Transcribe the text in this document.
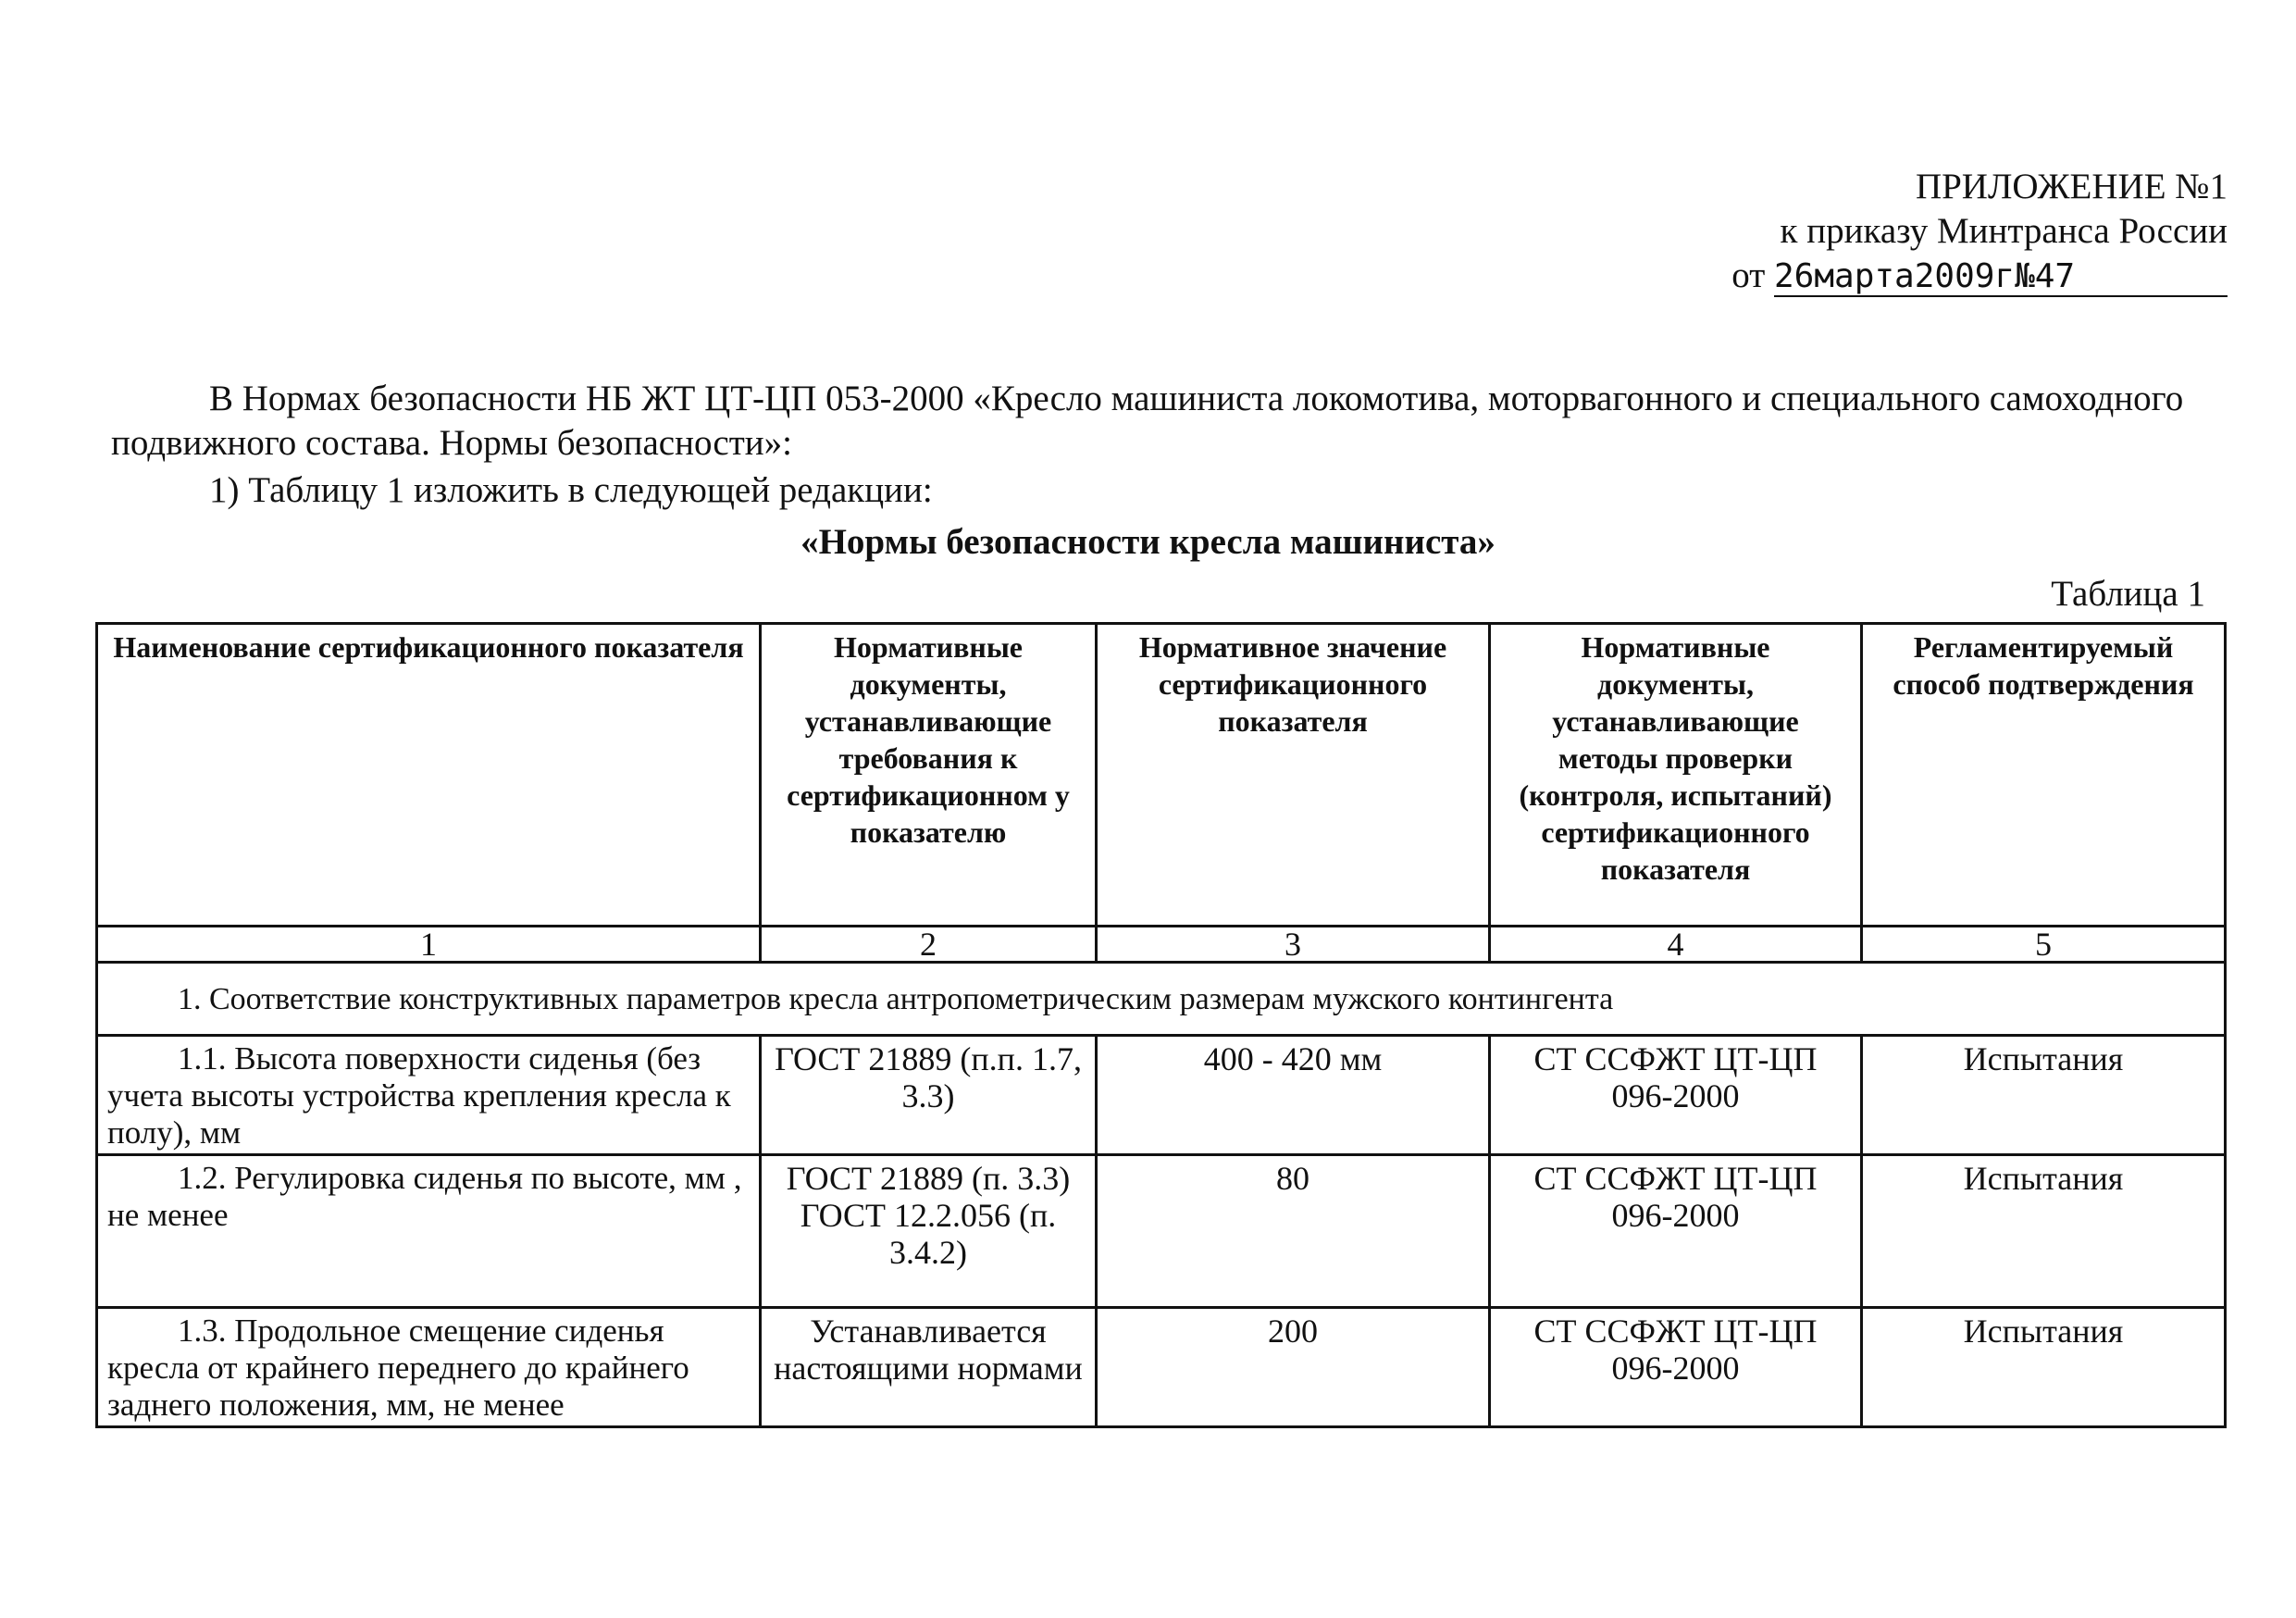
ПРИЛОЖЕНИЕ №1
к приказу Минтранса России
от 26марта2009г№47

В Нормах безопасности НБ ЖТ ЦТ-ЦП 053-2000 «Кресло машиниста локомотива, моторвагонного и специального самоходного подвижного состава. Нормы безопасности»:

1) Таблицу 1 изложить в следующей редакции:
«Нормы безопасности кресла машиниста»
Таблица 1
Наименование сертификационного показателя	Нормативные документы, устанавливающие требования к сертификационном у показателю	Нормативное значение сертификационного показателя	Нормативные документы, устанавливающие методы проверки (контроля, испытаний) сертификационного показателя	Регламентируемый способ подтверждения
1	2	3	4	5
1. Соответствие конструктивных параметров кресла антропометрическим размерам мужского контингента				
1.1. Высота поверхности сиденья (без учета высоты устройства крепления кресла к полу), мм	ГОСТ 21889 (п.п. 1.7, 3.3)	400 - 420 мм	СТ ССФЖТ ЦТ-ЦП 096-2000	Испытания
1.2. Регулировка сиденья по высоте, мм , не менее	ГОСТ 21889 (п. 3.3) ГОСТ 12.2.056 (п. 3.4.2)	80	СТ ССФЖТ ЦТ-ЦП 096-2000	Испытания
1.3. Продольное смещение сиденья кресла от крайнего переднего до крайнего заднего положения, мм, не менее	Устанавливается настоящими нормами	200	СТ ССФЖТ ЦТ-ЦП 096-2000	Испытания
